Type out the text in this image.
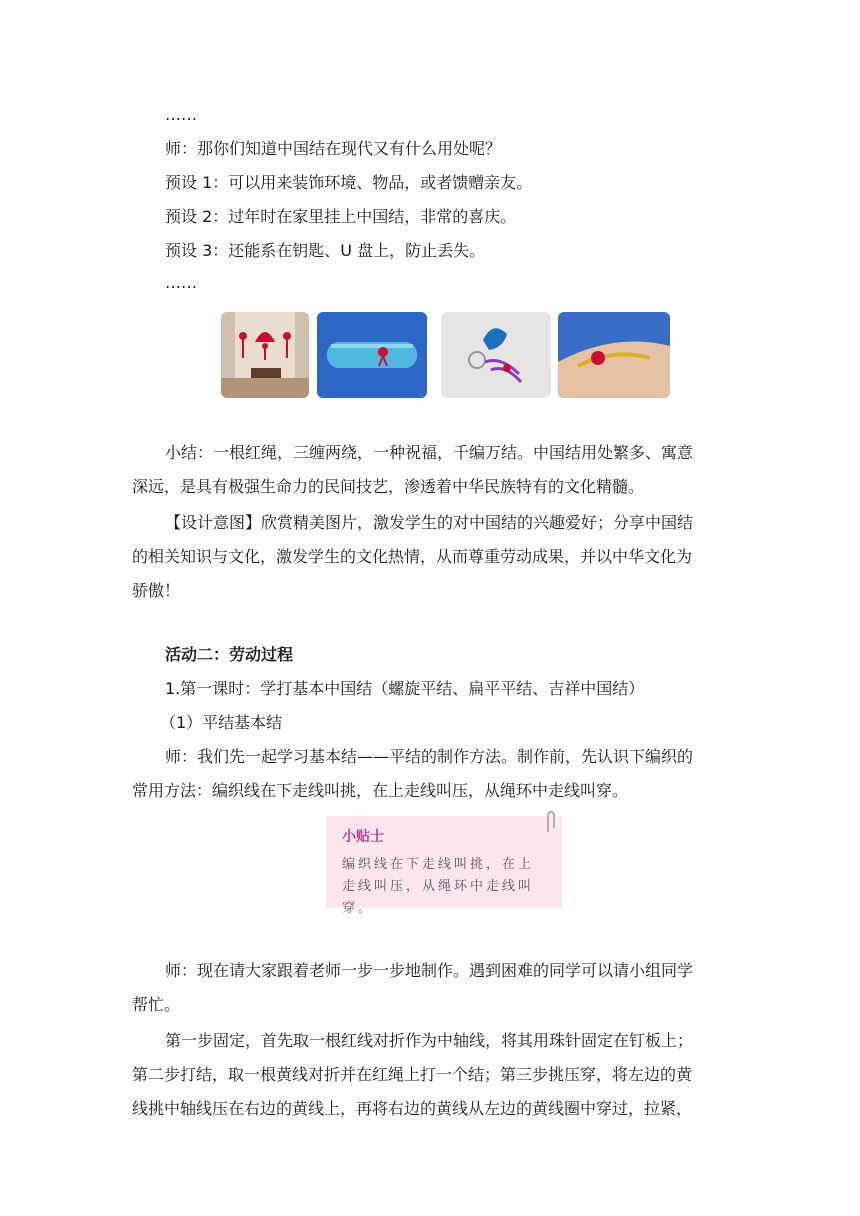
……

师：那你们知道中国结在现代又有什么用处呢？

预设 1：可以用来装饰环境、物品，或者馈赠亲友。

预设 2：过年时在家里挂上中国结，非常的喜庆。

预设 3：还能系在钥匙、U 盘上，防止丢失。

……

小结：一根红绳，三缠两绕，一种祝福，千编万结。中国结用处繁多、寓意

深远，是具有极强生命力的民间技艺，渗透着中华民族特有的文化精髓。

【设计意图】欣赏精美图片，激发学生的对中国结的兴趣爱好；分享中国结

的相关知识与文化，激发学生的文化热情，从而尊重劳动成果，并以中华文化为

骄傲！

活动二：劳动过程

1.第一课时：学打基本中国结（螺旋平结、扁平平结、吉祥中国结）

（1）平结基本结

师：我们先一起学习基本结——平结的制作方法。制作前，先认识下编织的

常用方法：编织线在下走线叫挑，在上走线叫压，从绳环中走线叫穿。

小贴士
编织线在下走线叫挑，在上走线叫压，从绳环中走线叫穿。

师：现在请大家跟着老师一步一步地制作。遇到困难的同学可以请小组同学

帮忙。

第一步固定，首先取一根红线对折作为中轴线，将其用珠针固定在钉板上；

第二步打结，取一根黄线对折并在红绳上打一个结；第三步挑压穿，将左边的黄

线挑中轴线压在右边的黄线上，再将右边的黄线从左边的黄线圈中穿过，拉紧，
